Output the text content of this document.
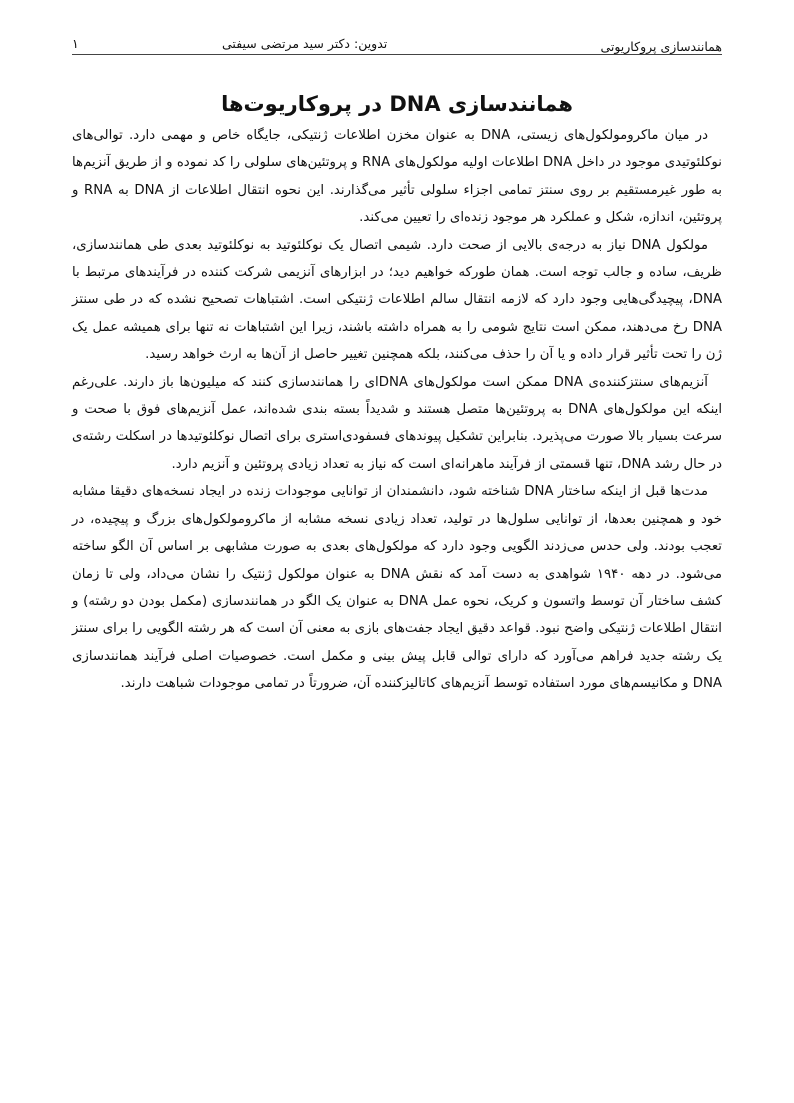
همانندسازی پروکاریوتی
تدوین: دکتر سید مرتضی سیفتی
۱
همانندسازی DNA در پروکاریوت‌ها

در میان ماکرومولکول‌های زیستی، DNA به عنوان مخزن اطلاعات ژنتیکی، جایگاه خاص و مهمی دارد. توالی‌های نوکلئوتیدی موجود در داخل DNA اطلاعات اولیه مولکول‌های RNA و پروتئین‌های سلولی را کد نموده و از طریق آنزیم‌ها به طور غیرمستقیم بر روی سنتز تمامی اجزاء سلولی تأثیر می‌گذارند. این نحوه انتقال اطلاعات از DNA به RNA و پروتئین، اندازه، شکل و عملکرد هر موجود زنده‌ای را تعیین می‌کند.

مولکول DNA نیاز به درجه‌ی بالایی از صحت دارد. شیمی اتصال یک نوکلئوتید به نوکلئوتید بعدی طی همانندسازی، ظریف، ساده و جالب توجه است. همان طورکه خواهیم دید؛ در ابزارهای آنزیمی شرکت کننده در فرآیندهای مرتبط با DNA، پیچیدگی‌هایی وجود دارد که لازمه انتقال سالم اطلاعات ژنتیکی است. اشتباهات تصحیح نشده که در طی سنتز DNA رخ می‌دهند، ممکن است نتایج شومی را به همراه داشته باشند، زیرا این اشتباهات نه تنها برای همیشه عمل یک ژن را تحت تأثیر قرار داده و یا آن را حذف می‌کنند، بلکه همچنین تغییر حاصل از آن‌ها به ارث خواهد رسید.

آنزیم‌های سنتزکننده‌ی DNA ممکن است مولکول‌های DNAای را همانندسازی کنند که میلیون‌ها باز دارند. علی‌رغم اینکه این مولکول‌های DNA به پروتئین‌ها متصل هستند و شدیداً بسته بندی شده‌اند، عمل آنزیم‌های فوق با صحت و سرعت بسیار بالا صورت می‌پذیرد. بنابراین تشکیل پیوندهای فسفودی‌استری برای اتصال نوکلئوتیدها در اسکلت رشته‌ی در حال رشد DNA، تنها قسمتی از فرآیند ماهرانه‌ای است که نیاز به تعداد زیادی پروتئین و آنزیم دارد.

مدت‌ها قبل از اینکه ساختار DNA شناخته شود، دانشمندان از توانایی موجودات زنده در ایجاد نسخه‌های دقیقا مشابه خود و همچنین بعدها، از توانایی سلول‌ها در تولید، تعداد زیادی نسخه مشابه از ماکرومولکول‌های بزرگ و پیچیده، در تعجب بودند. ولی حدس می‌زدند الگویی وجود دارد که مولکول‌های بعدی به صورت مشابهی بر اساس آن الگو ساخته می‌شود. در دهه ۱۹۴۰ شواهدی به دست آمد که نقش DNA به عنوان مولکول ژنتیک را نشان می‌داد، ولی تا زمان کشف ساختار آن توسط واتسون و کریک، نحوه عمل DNA به عنوان یک الگو در همانندسازی (مکمل بودن دو رشته) و انتقال اطلاعات ژنتیکی واضح نبود. قواعد دقیق ایجاد جفت‌های بازی به معنی آن است که هر رشته الگویی را برای سنتز یک رشته جدید فراهم می‌آورد که دارای توالی قابل پیش بینی و مکمل است. خصوصیات اصلی فرآیند همانندسازی DNA و مکانیسم‌های مورد استفاده توسط آنزیم‌های کاتالیزکننده آن، ضرورتاً در تمامی موجودات شباهت دارند.
